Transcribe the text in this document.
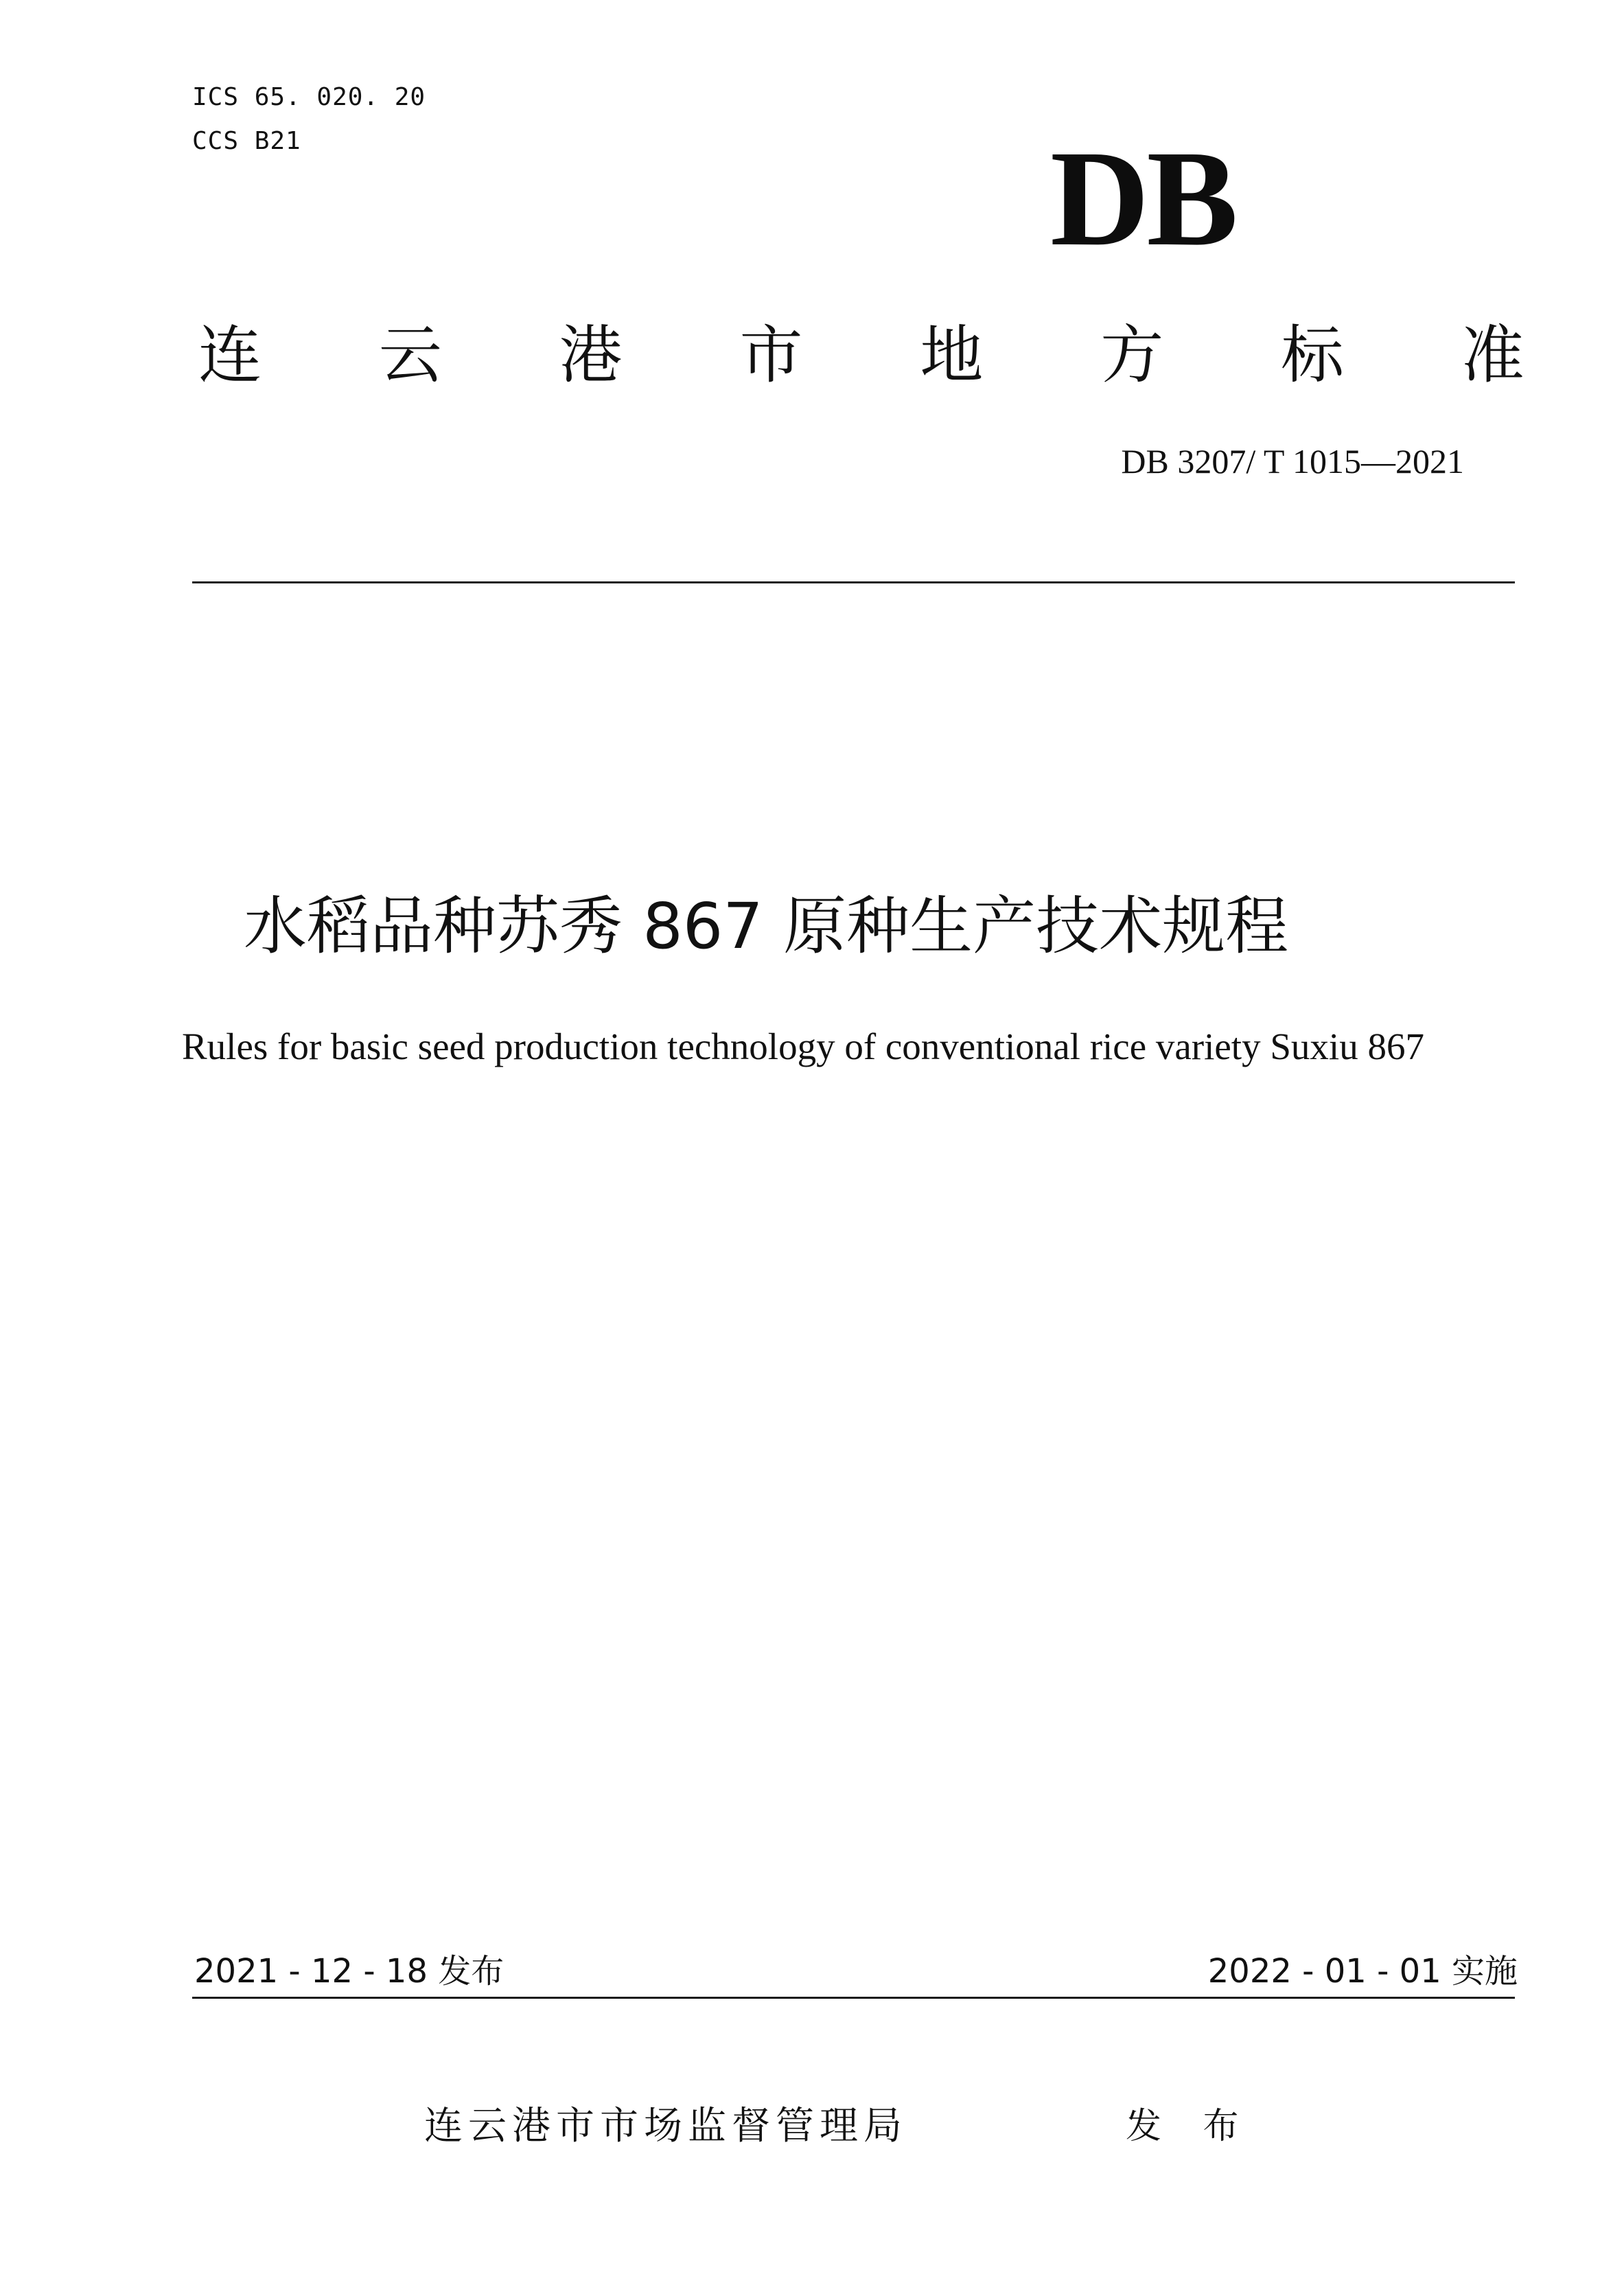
ICS 65. 020. 20
CCS B21	DB
连 云 港 市 地 方 标 准
DB 3207/ T 1015—2021
水稻品种苏秀 867 原种生产技术规程
Rules for basic seed production technology of conventional rice variety Suxiu 867
2021 - 12 - 18 发布	2022 - 01 - 01 实施
连云港市市场监督管理局	发 布
